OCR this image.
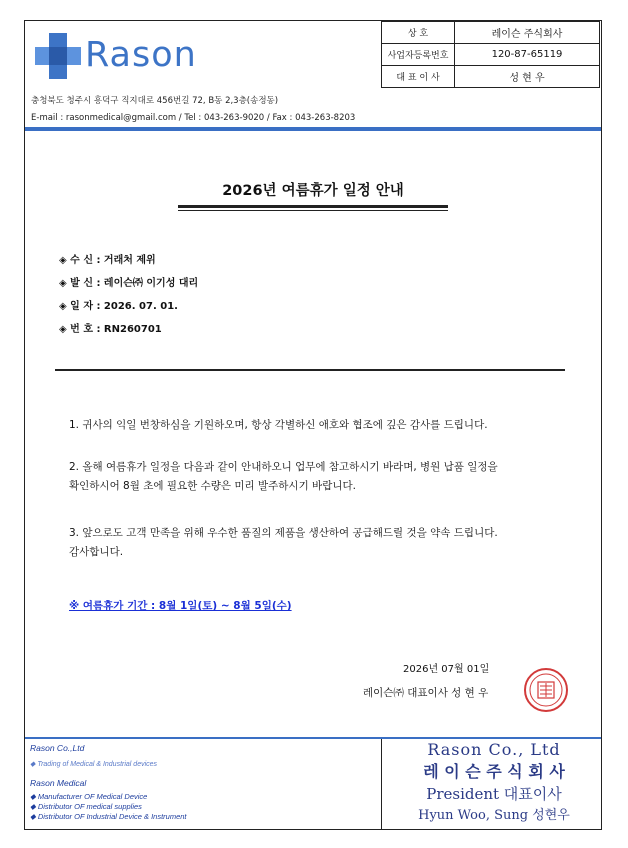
Rason
상 호	레이슨 주식회사
사업자등록번호	120-87-65119
대 표 이 사	성 현 우
충청북도 청주시 흥덕구 직지대로 456번길 72, B동 2,3층(송정동)
E-mail : rasonmedical@gmail.com / Tel : 043-263-9020 / Fax : 043-263-8203
2026년 여름휴가 일정 안내
◈ 수 신 : 거래처 제위
◈ 발 신 : 레이슨㈜ 이기성 대리
◈ 일 자 : 2026. 07. 01.
◈ 번 호 : RN260701
1. 귀사의 익일 번창하심을 기원하오며, 항상 각별하신 애호와 협조에 깊은 감사를 드립니다.
2. 올해 여름휴가 일정을 다음과 같이 안내하오니 업무에 참고하시기 바라며, 병원 납품 일정을
확인하시어 8월 초에 필요한 수량은 미리 발주하시기 바랍니다.
3. 앞으로도 고객 만족을 위해 우수한 품질의 제품을 생산하여 공급해드릴 것을 약속 드립니다.
감사합니다.
※ 여름휴가 기간 : 8월 1일(토) ~ 8월 5일(수)
2026년 07월 01일
레이슨㈜ 대표이사 성 현 우
Rason Co.,Ltd
◆ Trading of Medical & Industrial devices
Rason Medical
◆ Manufacturer OF Medical Device
◆ Distributor OF medical supplies
◆ Distributor OF Industrial Device & Instrument
Rason Co., Ltd
레 이 슨 주 식 회 사
President 대표이사
Hyun Woo, Sung 성현우
